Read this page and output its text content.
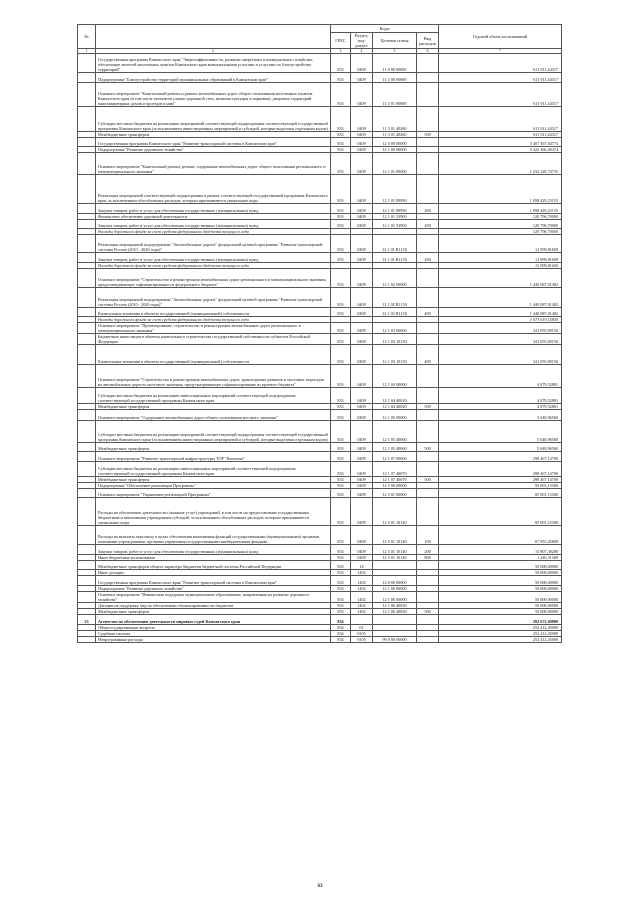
№		Коды				Годовой объем ассигнований
		ГРБС	Раздел, под-раздел	Целевая статья	Вид расходов	
1	2	3	4	5	6	7
	Государственная программа Камчатского края "Энергоэффективность, развитие энергетики и коммунального хозяйства, обеспечение жителей населенных пунктов Камчатского края коммунальными услугами и услугами по благоустройству территорий"	833	0409	11 0 00 00000		611 911,44317
	Подпрограмма "Благоустройство территорий муниципальных образований в Камчатском крае"	833	0409	11 3 00 00000		611 911,44317
	Основное мероприятие "Капитальный ремонт и ремонт автомобильных дорог общего пользования населенных пунктов Камчатского края (в том числе элементов улично-дорожной сети, включая тротуары и парковки), дворовых территорий многоквартирных домов и проездов к ним"	833	0409	11 3 01 00000		611 911,44317
	Субсидии местным бюджетам на реализацию мероприятий соответствующей подпрограммы соответствующей государственной программы Камчатского края (за исключением инвестиционных мероприятий и субсидий, которые выделены отдельным кодом)	833	0409	11 3 01 40260		611 911,44317
	Межбюджетные трансферты	833	0409	11 3 01 40260	500	611 911,44317
	Государственная программа Камчатского края "Развитие транспортной системы в Камчатском крае"	833	0409	12 0 00 00000		3 407 367,64774
	Подпрограмма "Развитие дорожного хозяйства"	833	0409	12 1 00 00000		3 322 366,49474
	Основное мероприятие "Капитальный ремонт, ремонт, содержание автомобильных дорог общего пользования регионального и межмуниципального значения"	833	0409	12 1 01 00000		1 232 228,74735
	Реализация мероприятий соответствующей подпрограммы в рамках соответствующей государственной программы Камчатского края, за исключением обособленных расходов, которым присваиваются уникальные коды	833	0409	12 1 01 09990		1 098 429,23155
	Закупка товаров, работ и услуг для обеспечения государственных (муниципальных) нужд	833	0409	12 1 01 09990	200	1 098 429,23155
	Финансовое обеспечение дорожной деятельности	833	0409	12 1 01 53900		120 796,70000
	Закупка товаров, работ и услуг для обеспечения государственных (муниципальных) нужд	833	0409	12 1 01 53900	200	120 796,70000
	Расходы дорожного фонда за счет средств федерального бюджета текущего года					120 796,70000
	Реализация мероприятий подпрограммы "Автомобильные дороги" федеральной целевой программы "Развитие транспортной системы России (2010 - 2020 годы)"	833	0409	12 1 01 R1150		12 999,81600
	Закупка товаров, работ и услуг для обеспечения государственных (муниципальных) нужд	833	0409	12 1 01 R1150	200	12 999,81600
	Расходы дорожного фонда за счет средств федерального бюджета текущего года					12 999,81600
	Основное мероприятие "Строительство и реконструкция автомобильных дорог регионального и межмуниципального значения, предусматривающее софинансирование из федерального бюджета"	833	0409	12 1 02 00000		1 440 087,01482
	Реализация мероприятий подпрограммы "Автомобильные дороги" федеральной целевой программы "Развитие транспортной системы России (2010 - 2020 годы)"	833	0409	12 1 02 R1150		1 440 087,01482
	Капитальные вложения в объекты государственной (муниципальной) собственности	833	0409	12 1 02 R1150	400	1 440 087,01482
	Расходы дорожного фонда за счет средств федерального бюджета текущего года					1 073 619,15850
	Основное мероприятие "Проектирование, строительство и реконструкция автомобильных дорог регионального и межмуниципального значения"	833	0409	12 1 03 00000		341 055,09156
	Бюджетные инвестиции в объекты капитального строительства государственной собственности субъектов Российской Федерации	833	0409	12 1 03 10130		341 055,09156
	Капитальные вложения в объекты государственной (муниципальной) собственности	833	0409	12 1 03 10130	400	341 055,09156
	Основное мероприятие "Строительство и реконструкция автомобильных дорог, транспортных развязок и мостовых переходов на автомобильных дорогах мостового значения, предусматривающее софинансирование из краевого бюджета"	833	0409	12 1 04 00000		4 879,52881
	Субсидии местным бюджетам на реализацию инвестиционных мероприятий соответствующей подпрограммы соответствующей государственной программы Камчатского края	833	0409	12 1 04 40020		4 879,52881
	Межбюджетные трансферты	833	0409	12 1 04 40020	500	4 879,52881
	Основное мероприятие "Содержание автомобильных дорог общего пользования местного значения"	833	0409	12 1 05 00000		5 648,96560
	Субсидии местным бюджетам на реализацию мероприятий соответствующей подпрограммы соответствующей государственной программы Камчатского края (за исключением инвестиционных мероприятий и субсидий, которые выделены отдельным кодом)	833	0409	12 1 05 40060		5 648,96560
	Межбюджетные трансферты	833	0409	12 1 05 40060	500	5 648,96560
	Основное мероприятие "Развитие транспортной инфраструктуры ТОР "Камчатка"	833	0409	12 1 07 00000		298 467,14700
	Субсидии местным бюджетам на реализацию инвестиционных мероприятий соответствующей подпрограммы соответствующей государственной программы Камчатского края	833	0409	12 1 07 40070		298 467,14700
	Межбюджетные трансферты	833	0409	12 1 07 40070	500	298 467,14700
	Подпрограмма "Обеспечение реализации Программы"	833	0409	12 5 00 00000		85 001,15300
	Основное мероприятие "Управление реализацией Программы"	833	0409	12 5 01 00000		85 001,15300
	Расходы на обеспечение деятельности (оказание услуг) учреждений, в том числе на предоставление государственным бюджетным и автономным учреждениям субсидий, за исключением обособленных расходов, которым присваиваются уникальные коды	833	0409	12 5 01 10140		85 001,15300
	Расходы на выплаты персоналу в целях обеспечения выполнения функций государственными (муниципальными) органами, казенными учреждениями, органами управления государственными внебюджетными фондами	833	0409	12 5 01 10140	100	67 953,45800
	Закупка товаров, работ и услуг для обеспечения государственных (муниципальных) нужд	833	0409	12 5 01 10140	200	15 807,38200
	Иные бюджетные ассигнования	833	0409	12 5 01 10140	800	1 240,31300
	Межбюджетные трансферты общего характера бюджетам бюджетной системы Российской Федерации	833	14			50 000,00000
	Иные дотации	833	1402			50 000,00000
	Государственная программа Камчатского края "Развитие транспортной системы в Камчатском крае"	833	1402	12 0 00 00000		50 000,00000
	Подпрограмма "Развитие дорожного хозяйства"	833	1402	12 1 00 00000		50 000,00000
	Основное мероприятие "Финансовая поддержка муниципальным образованиям, направленная на развитие дорожного хозяйства"	833	1402	12 1 06 00000		50 000,00000
	Дотации на поддержку мер по обеспечению сбалансированности бюджетов	833	1402	12 1 06 40030		50 000,00000
	Межбюджетные трансферты	833	1402	12 1 06 40030	500	50 000,00000
23	Агентство по обеспечению деятельности мировых судей Камчатского края	834				282 672,69800
	Общегосударственные вопросы	834	01			252 412,45000
	Судебная система	834	0105			252 412,45000
	Непрограммные расходы	834	0105	99 0 00 00000		252 412,45000
63
